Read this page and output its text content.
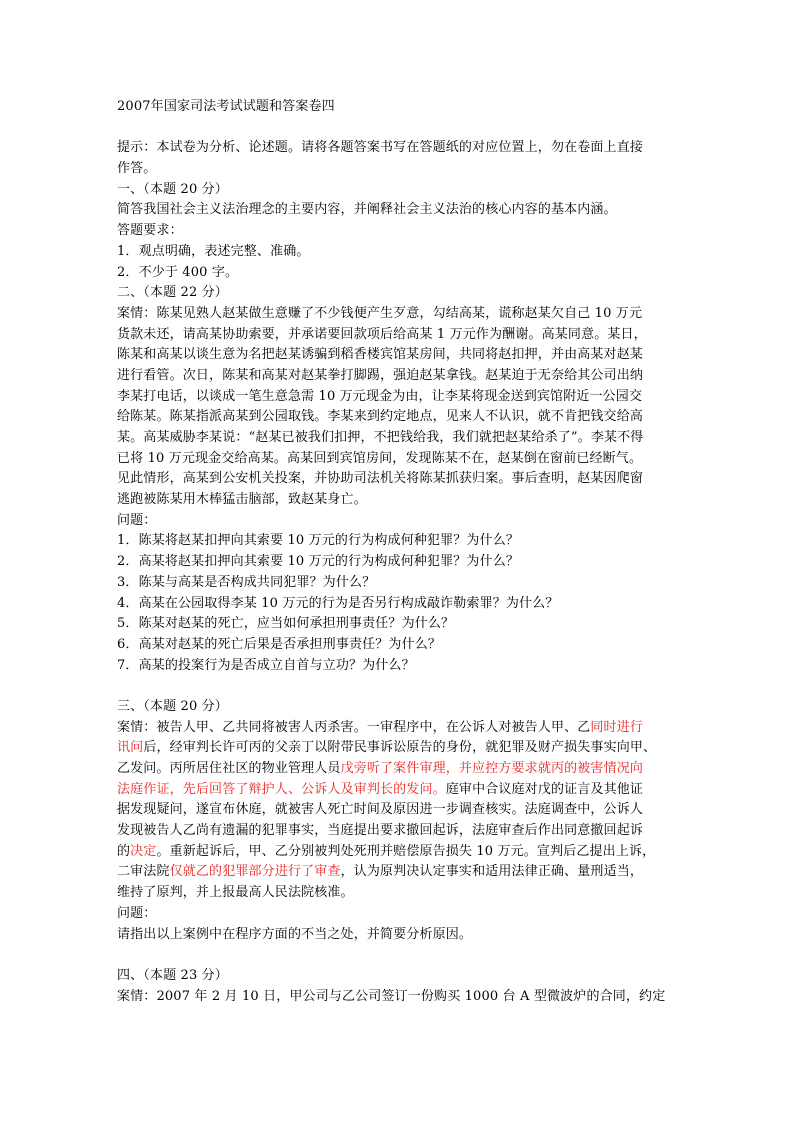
2007年国家司法考试试题和答案卷四
提示：本试卷为分析、论述题。请将各题答案书写在答题纸的对应位置上，勿在卷面上直接
作答。
一、（本题 20 分）
简答我国社会主义法治理念的主要内容，并阐释社会主义法治的核心内容的基本内涵。
答题要求：
1．观点明确，表述完整、准确。
2．不少于 400 字。
二、（本题 22 分）
案情：陈某见熟人赵某做生意赚了不少钱便产生歹意，勾结高某，谎称赵某欠自己 10 万元
货款未还，请高某协助索要，并承诺要回款项后给高某 1 万元作为酬谢。高某同意。某日，
陈某和高某以谈生意为名把赵某诱骗到稻香楼宾馆某房间，共同将赵扣押，并由高某对赵某
进行看管。次日，陈某和高某对赵某拳打脚踢，强迫赵某拿钱。赵某迫于无奈给其公司出纳
李某打电话，以谈成一笔生意急需 10 万元现金为由，让李某将现金送到宾馆附近一公园交
给陈某。陈某指派高某到公园取钱。李某来到约定地点，见来人不认识，就不肯把钱交给高
某。高某威胁李某说：“赵某已被我们扣押，不把钱给我，我们就把赵某给杀了”。李某不得
已将 10 万元现金交给高某。高某回到宾馆房间，发现陈某不在，赵某倒在窗前已经断气。
见此情形，高某到公安机关投案，并协助司法机关将陈某抓获归案。事后查明，赵某因爬窗
逃跑被陈某用木棒猛击脑部，致赵某身亡。
问题：
1．陈某将赵某扣押向其索要 10 万元的行为构成何种犯罪？为什么？
2．高某将赵某扣押向其索要 10 万元的行为构成何种犯罪？为什么？
3．陈某与高某是否构成共同犯罪？为什么？
4．高某在公园取得李某 10 万元的行为是否另行构成敲诈勒索罪？为什么？
5．陈某对赵某的死亡，应当如何承担刑事责任？为什么？
6．高某对赵某的死亡后果是否承担刑事责任？为什么？
7．高某的投案行为是否成立自首与立功？为什么？
三、（本题 20 分）
案情：被告人甲、乙共同将被害人丙杀害。一审程序中，在公诉人对被告人甲、乙同时进行
讯问后，经审判长许可丙的父亲丁以附带民事诉讼原告的身份，就犯罪及财产损失事实向甲、
乙发问。丙所居住社区的物业管理人员戊旁听了案件审理，并应控方要求就丙的被害情况向
法庭作证，先后回答了辩护人、公诉人及审判长的发问。庭审中合议庭对戊的证言及其他证
据发现疑问，遂宣布休庭，就被害人死亡时间及原因进一步调查核实。法庭调查中，公诉人
发现被告人乙尚有遗漏的犯罪事实，当庭提出要求撤回起诉，法庭审查后作出同意撤回起诉
的决定。重新起诉后，甲、乙分别被判处死刑并赔偿原告损失 10 万元。宣判后乙提出上诉，
二审法院仅就乙的犯罪部分进行了审查，认为原判决认定事实和适用法律正确、量刑适当，
维持了原判，并上报最高人民法院核准。
问题：
请指出以上案例中在程序方面的不当之处，并简要分析原因。
四、（本题 23 分）
案情：2007 年 2 月 10 日，甲公司与乙公司签订一份购买 1000 台 A 型微波炉的合同，约定
